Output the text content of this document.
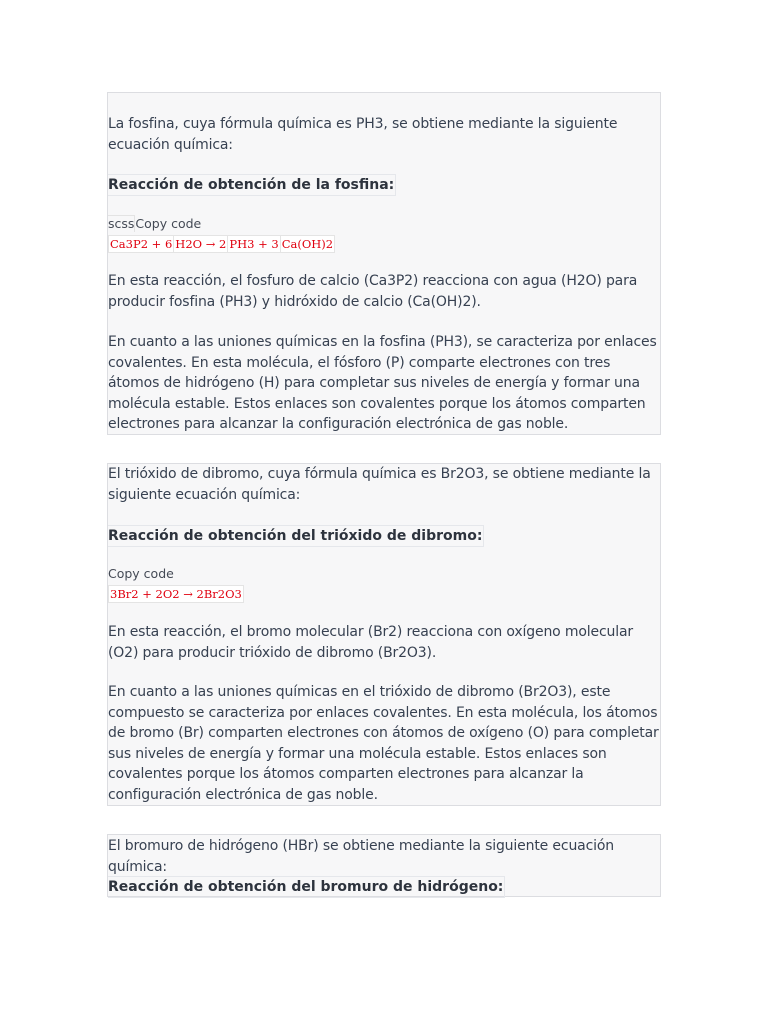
La fosfina, cuya fórmula química es PH3, se obtiene mediante la siguiente ecuación química:

Reacción de obtención de la fosfina:

scssCopy code

Ca3P2 + 6 H2O → 2 PH3 + 3 Ca(OH)2

En esta reacción, el fosfuro de calcio (Ca3P2) reacciona con agua (H2O) para producir fosfina (PH3) y hidróxido de calcio (Ca(OH)2).

En cuanto a las uniones químicas en la fosfina (PH3), se caracteriza por enlaces covalentes. En esta molécula, el fósforo (P) comparte electrones con tres átomos de hidrógeno (H) para completar sus niveles de energía y formar una molécula estable. Estos enlaces son covalentes porque los átomos comparten electrones para alcanzar la configuración electrónica de gas noble.

El trióxido de dibromo, cuya fórmula química es Br2O3, se obtiene mediante la siguiente ecuación química:

Reacción de obtención del trióxido de dibromo:

Copy code

3Br2 + 2O2 → 2Br2O3

En esta reacción, el bromo molecular (Br2) reacciona con oxígeno molecular (O2) para producir trióxido de dibromo (Br2O3).

En cuanto a las uniones químicas en el trióxido de dibromo (Br2O3), este compuesto se caracteriza por enlaces covalentes. En esta molécula, los átomos de bromo (Br) comparten electrones con átomos de oxígeno (O) para completar sus niveles de energía y formar una molécula estable. Estos enlaces son covalentes porque los átomos comparten electrones para alcanzar la configuración electrónica de gas noble.

El bromuro de hidrógeno (HBr) se obtiene mediante la siguiente ecuación química:

Reacción de obtención del bromuro de hidrógeno:
